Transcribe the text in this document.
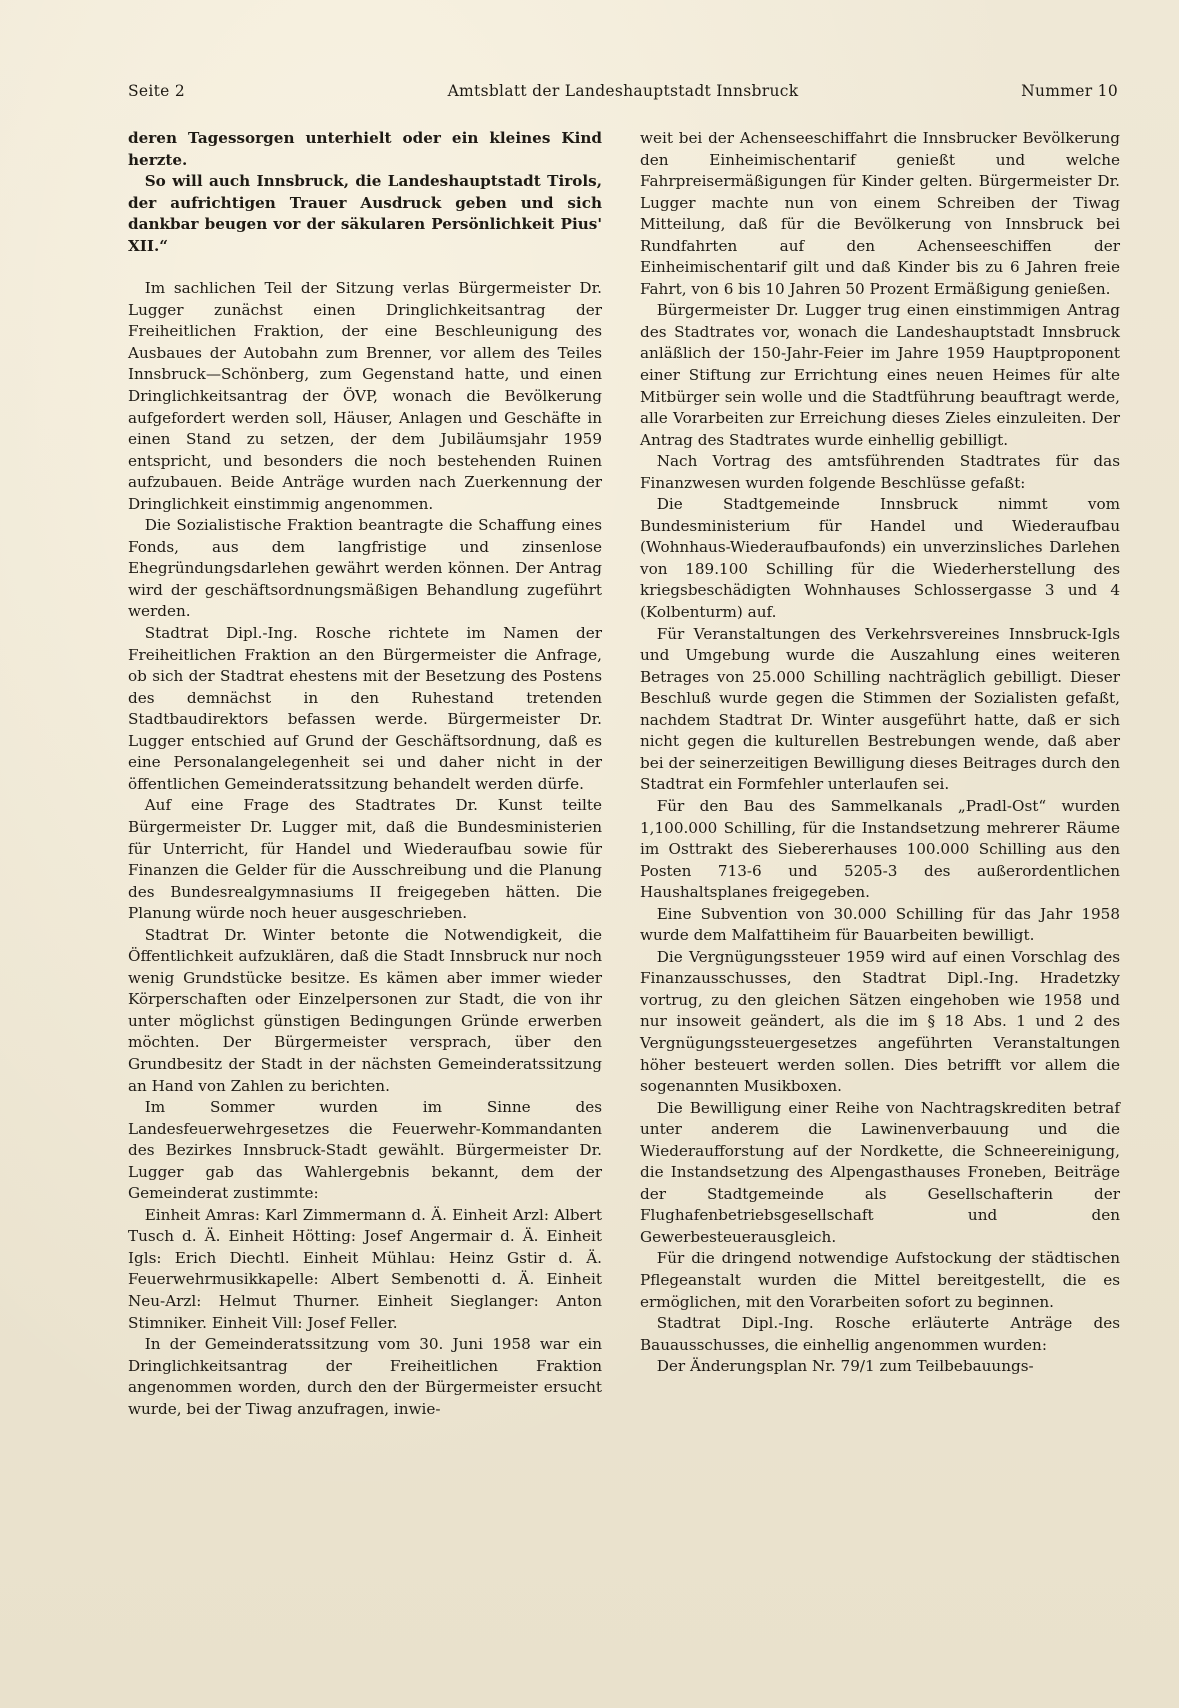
Seite 2	Amtsblatt der Landeshauptstadt Innsbruck	Nummer 10

deren Tagessorgen unterhielt oder ein kleines Kind herzte.

So will auch Innsbruck, die Landeshauptstadt Tirols, der aufrichtigen Trauer Ausdruck geben und sich dankbar beugen vor der säkularen Persönlichkeit Pius' XII.“

Im sachlichen Teil der Sitzung verlas Bürgermeister Dr. Lugger zunächst einen Dringlichkeitsantrag der Freiheitlichen Fraktion, der eine Beschleunigung des Ausbaues der Autobahn zum Brenner, vor allem des Teiles Innsbruck—Schönberg, zum Gegenstand hatte, und einen Dringlichkeitsantrag der ÖVP, wonach die Bevölkerung aufgefordert werden soll, Häuser, Anlagen und Geschäfte in einen Stand zu setzen, der dem Jubiläumsjahr 1959 entspricht, und besonders die noch bestehenden Ruinen aufzubauen. Beide Anträge wurden nach Zuerkennung der Dringlichkeit einstimmig angenommen.

Die Sozialistische Fraktion beantragte die Schaffung eines Fonds, aus dem langfristige und zinsenlose Ehegründungsdarlehen gewährt werden können. Der Antrag wird der geschäftsordnungsmäßigen Behandlung zugeführt werden.

Stadtrat Dipl.-Ing. Rosche richtete im Namen der Freiheitlichen Fraktion an den Bürgermeister die Anfrage, ob sich der Stadtrat ehestens mit der Besetzung des Postens des demnächst in den Ruhestand tretenden Stadtbaudirektors befassen werde. Bürgermeister Dr. Lugger entschied auf Grund der Geschäftsordnung, daß es eine Personalangelegenheit sei und daher nicht in der öffentlichen Gemeinderatssitzung behandelt werden dürfe.

Auf eine Frage des Stadtrates Dr. Kunst teilte Bürgermeister Dr. Lugger mit, daß die Bundesministerien für Unterricht, für Handel und Wiederaufbau sowie für Finanzen die Gelder für die Ausschreibung und die Planung des Bundesrealgymnasiums II freigegeben hätten. Die Planung würde noch heuer ausgeschrieben.

Stadtrat Dr. Winter betonte die Notwendigkeit, die Öffentlichkeit aufzuklären, daß die Stadt Innsbruck nur noch wenig Grundstücke besitze. Es kämen aber immer wieder Körperschaften oder Einzelpersonen zur Stadt, die von ihr unter möglichst günstigen Bedingungen Gründe erwerben möchten. Der Bürgermeister versprach, über den Grundbesitz der Stadt in der nächsten Gemeinderatssitzung an Hand von Zahlen zu berichten.

Im Sommer wurden im Sinne des Landesfeuerwehrgesetzes die Feuerwehr-Kommandanten des Bezirkes Innsbruck-Stadt gewählt. Bürgermeister Dr. Lugger gab das Wahlergebnis bekannt, dem der Gemeinderat zustimmte:

Einheit Amras: Karl Zimmermann d. Ä. Einheit Arzl: Albert Tusch d. Ä. Einheit Hötting: Josef Angermair d. Ä. Einheit Igls: Erich Diechtl. Einheit Mühlau: Heinz Gstir d. Ä. Feuerwehrmusikkapelle: Albert Sembenotti d. Ä. Einheit Neu-Arzl: Helmut Thurner. Einheit Sieglanger: Anton Stimniker. Einheit Vill: Josef Feller.

In der Gemeinderatssitzung vom 30. Juni 1958 war ein Dringlichkeitsantrag der Freiheitlichen Fraktion angenommen worden, durch den der Bürgermeister ersucht wurde, bei der Tiwag anzufragen, inwie-

weit bei der Achenseeschiffahrt die Innsbrucker Bevölkerung den Einheimischentarif genießt und welche Fahrpreisermäßigungen für Kinder gelten. Bürgermeister Dr. Lugger machte nun von einem Schreiben der Tiwag Mitteilung, daß für die Bevölkerung von Innsbruck bei Rundfahrten auf den Achenseeschiffen der Einheimischentarif gilt und daß Kinder bis zu 6 Jahren freie Fahrt, von 6 bis 10 Jahren 50 Prozent Ermäßigung genießen.

Bürgermeister Dr. Lugger trug einen einstimmigen Antrag des Stadtrates vor, wonach die Landeshauptstadt Innsbruck anläßlich der 150-Jahr-Feier im Jahre 1959 Hauptproponent einer Stiftung zur Errichtung eines neuen Heimes für alte Mitbürger sein wolle und die Stadtführung beauftragt werde, alle Vorarbeiten zur Erreichung dieses Zieles einzuleiten. Der Antrag des Stadtrates wurde einhellig gebilligt.

Nach Vortrag des amtsführenden Stadtrates für das Finanzwesen wurden folgende Beschlüsse gefaßt:

Die Stadtgemeinde Innsbruck nimmt vom Bundesministerium für Handel und Wiederaufbau (Wohnhaus-Wiederaufbaufonds) ein unverzinsliches Darlehen von 189.100 Schilling für die Wiederherstellung des kriegsbeschädigten Wohnhauses Schlossergasse 3 und 4 (Kolbenturm) auf.

Für Veranstaltungen des Verkehrsvereines Innsbruck-Igls und Umgebung wurde die Auszahlung eines weiteren Betrages von 25.000 Schilling nachträglich gebilligt. Dieser Beschluß wurde gegen die Stimmen der Sozialisten gefaßt, nachdem Stadtrat Dr. Winter ausgeführt hatte, daß er sich nicht gegen die kulturellen Bestrebungen wende, daß aber bei der seinerzeitigen Bewilligung dieses Beitrages durch den Stadtrat ein Formfehler unterlaufen sei.

Für den Bau des Sammelkanals „Pradl-Ost“ wurden 1,100.000 Schilling, für die Instandsetzung mehrerer Räume im Osttrakt des Siebererhauses 100.000 Schilling aus den Posten 713-6 und 5205-3 des außerordentlichen Haushaltsplanes freigegeben.

Eine Subvention von 30.000 Schilling für das Jahr 1958 wurde dem Malfattiheim für Bauarbeiten bewilligt.

Die Vergnügungssteuer 1959 wird auf einen Vorschlag des Finanzausschusses, den Stadtrat Dipl.-Ing. Hradetzky vortrug, zu den gleichen Sätzen eingehoben wie 1958 und nur insoweit geändert, als die im § 18 Abs. 1 und 2 des Vergnügungssteuergesetzes angeführten Veranstaltungen höher besteuert werden sollen. Dies betrifft vor allem die sogenannten Musikboxen.

Die Bewilligung einer Reihe von Nachtragskrediten betraf unter anderem die Lawinenverbauung und die Wiederaufforstung auf der Nordkette, die Schneereinigung, die Instandsetzung des Alpengasthauses Froneben, Beiträge der Stadtgemeinde als Gesellschafterin der Flughafenbetriebsgesellschaft und den Gewerbesteuerausgleich.

Für die dringend notwendige Aufstockung der städtischen Pflegeanstalt wurden die Mittel bereitgestellt, die es ermöglichen, mit den Vorarbeiten sofort zu beginnen.

Stadtrat Dipl.-Ing. Rosche erläuterte Anträge des Bauausschusses, die einhellig angenommen wurden:

Der Änderungsplan Nr. 79/1 zum Teilbebauungs-
